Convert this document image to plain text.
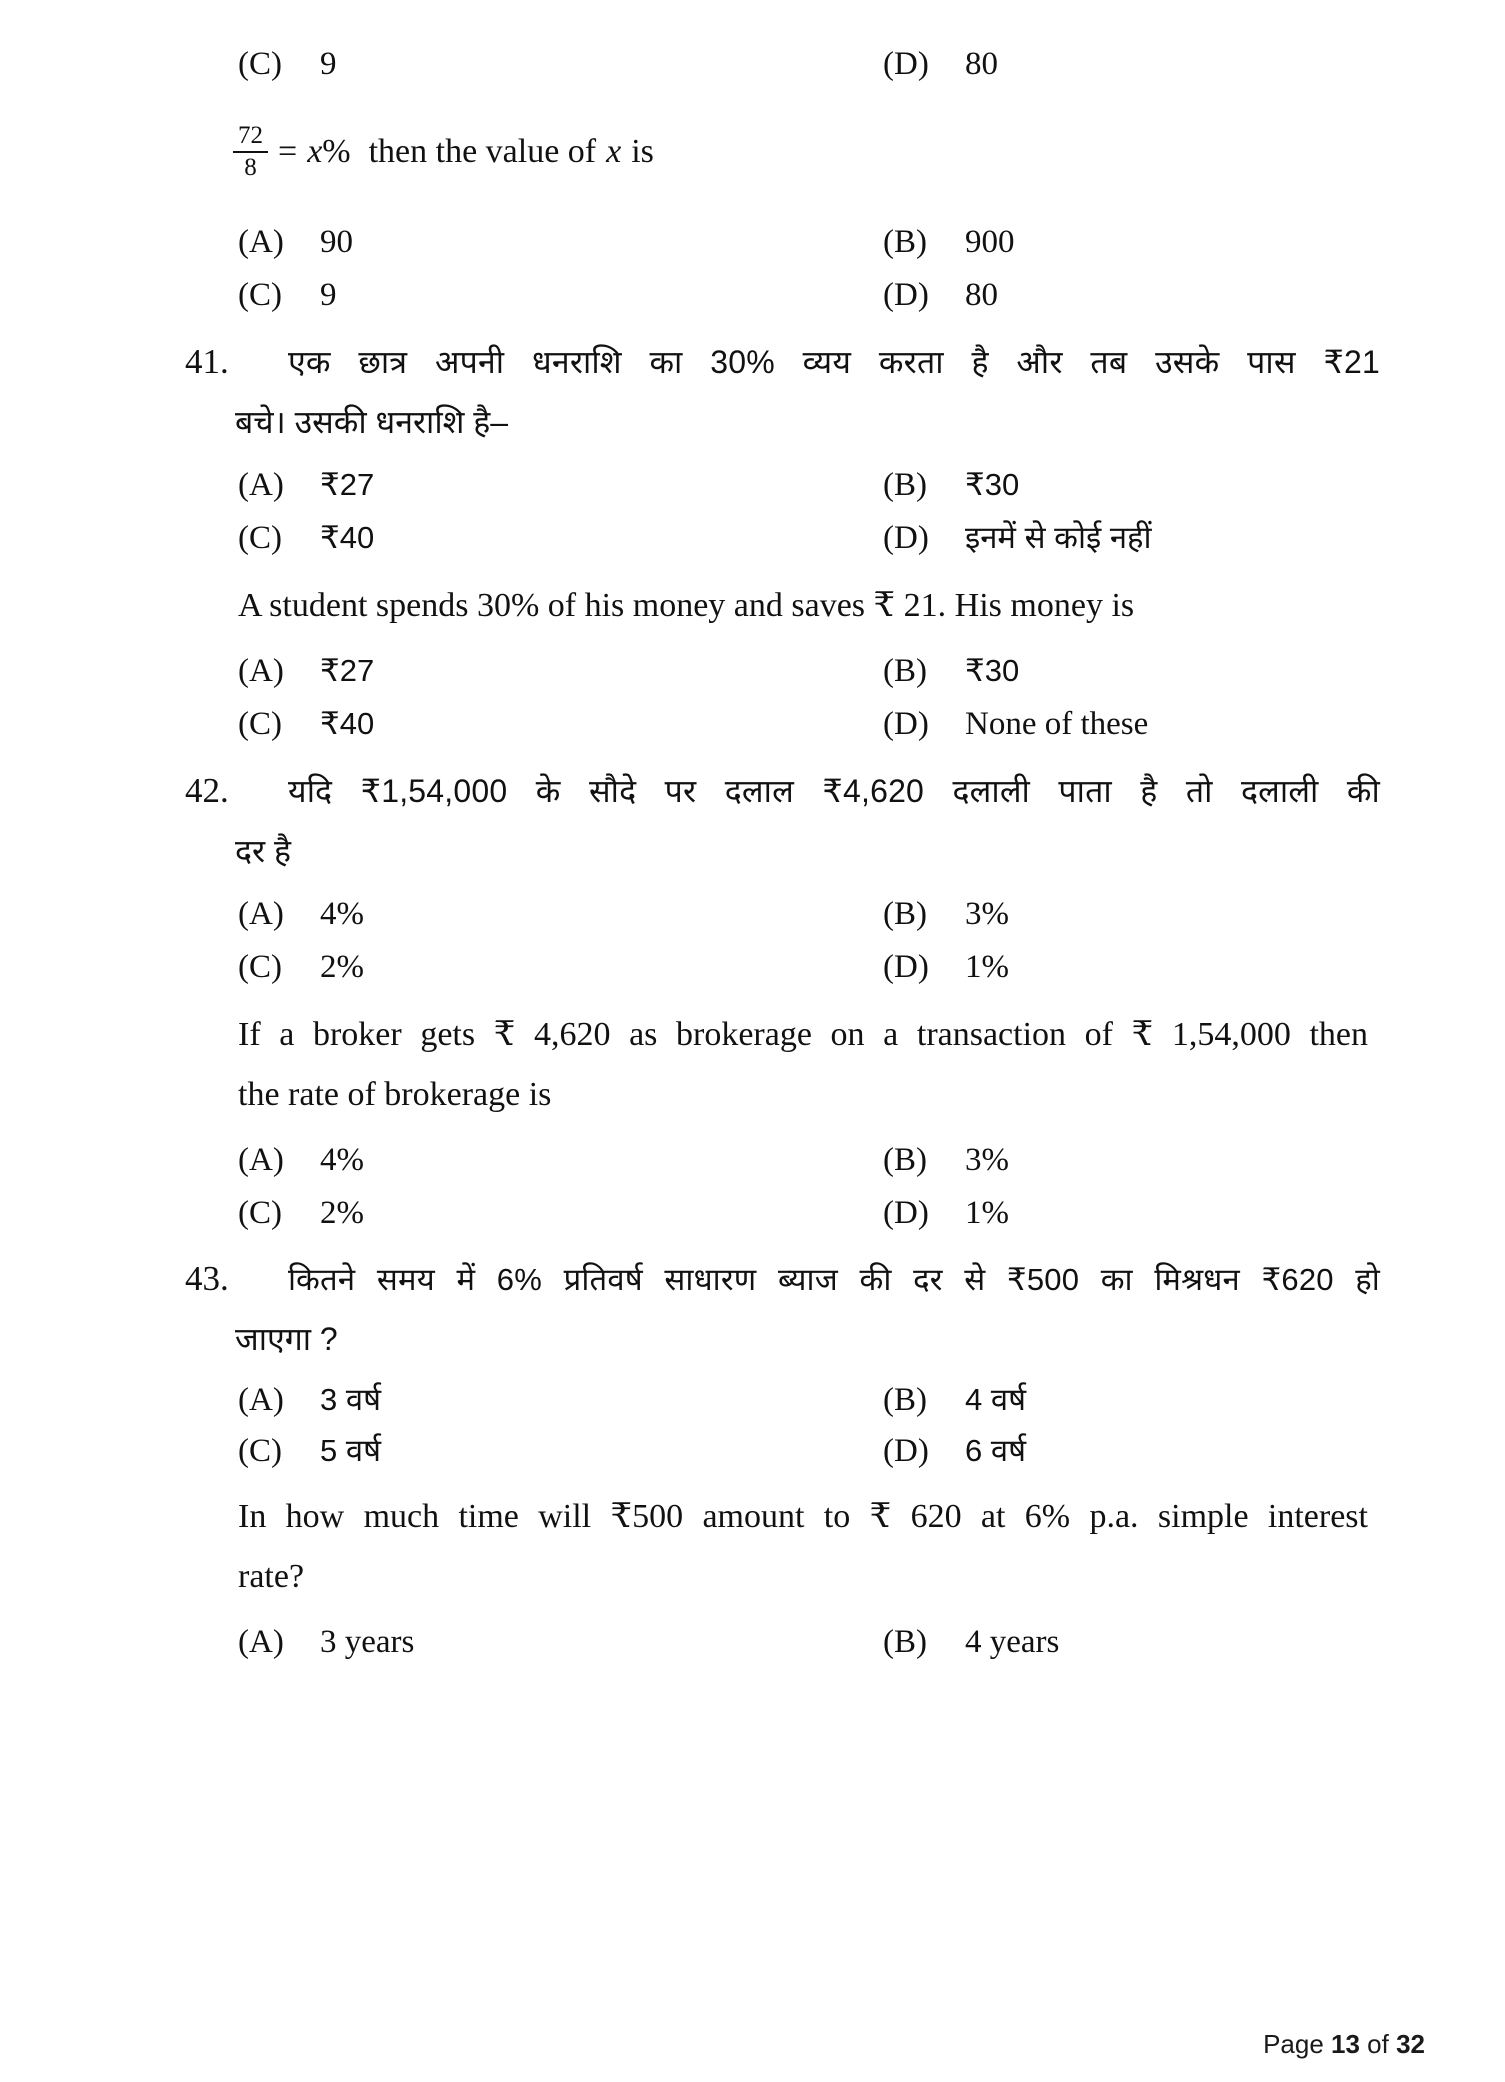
(C)	9	(D)	80
$\frac{72}{8} = x$ % then the value of x is
(A)	90	(B)	900
(C)	9	(D)	80
41.	एक छात्र अपनी धनराशि का 30% व्यय करता है और तब उसके पास ₹21
बचे। उसकी धनराशि है–
(A)	₹27	(B)	₹30
(C)	₹40	(D)	इनमें से कोई नहीं
A student spends 30% of his money and saves ₹ 21. His money is
(A)	₹27	(B)	₹30
(C)	₹40	(D)	None of these
42.	यदि ₹1,54,000 के सौदे पर दलाल ₹4,620 दलाली पाता है तो दलाली की
दर है
(A)	4%	(B)	3%
(C)	2%	(D)	1%
If a broker gets ₹ 4,620 as brokerage on a transaction of ₹ 1,54,000 then
the rate of brokerage is
(A)	4%	(B)	3%
(C)	2%	(D)	1%
43.	कितने समय में 6% प्रतिवर्ष साधारण ब्याज की दर से ₹500 का मिश्रधन ₹620 हो
जाएगा ?
(A)	3 वर्ष	(B)	4 वर्ष
(C)	5 वर्ष	(D)	6 वर्ष
In how much time will ₹500 amount to ₹ 620 at 6% p.a. simple interest
rate?
(A)	3 years	(B)	4 years
Page 13 of 32
